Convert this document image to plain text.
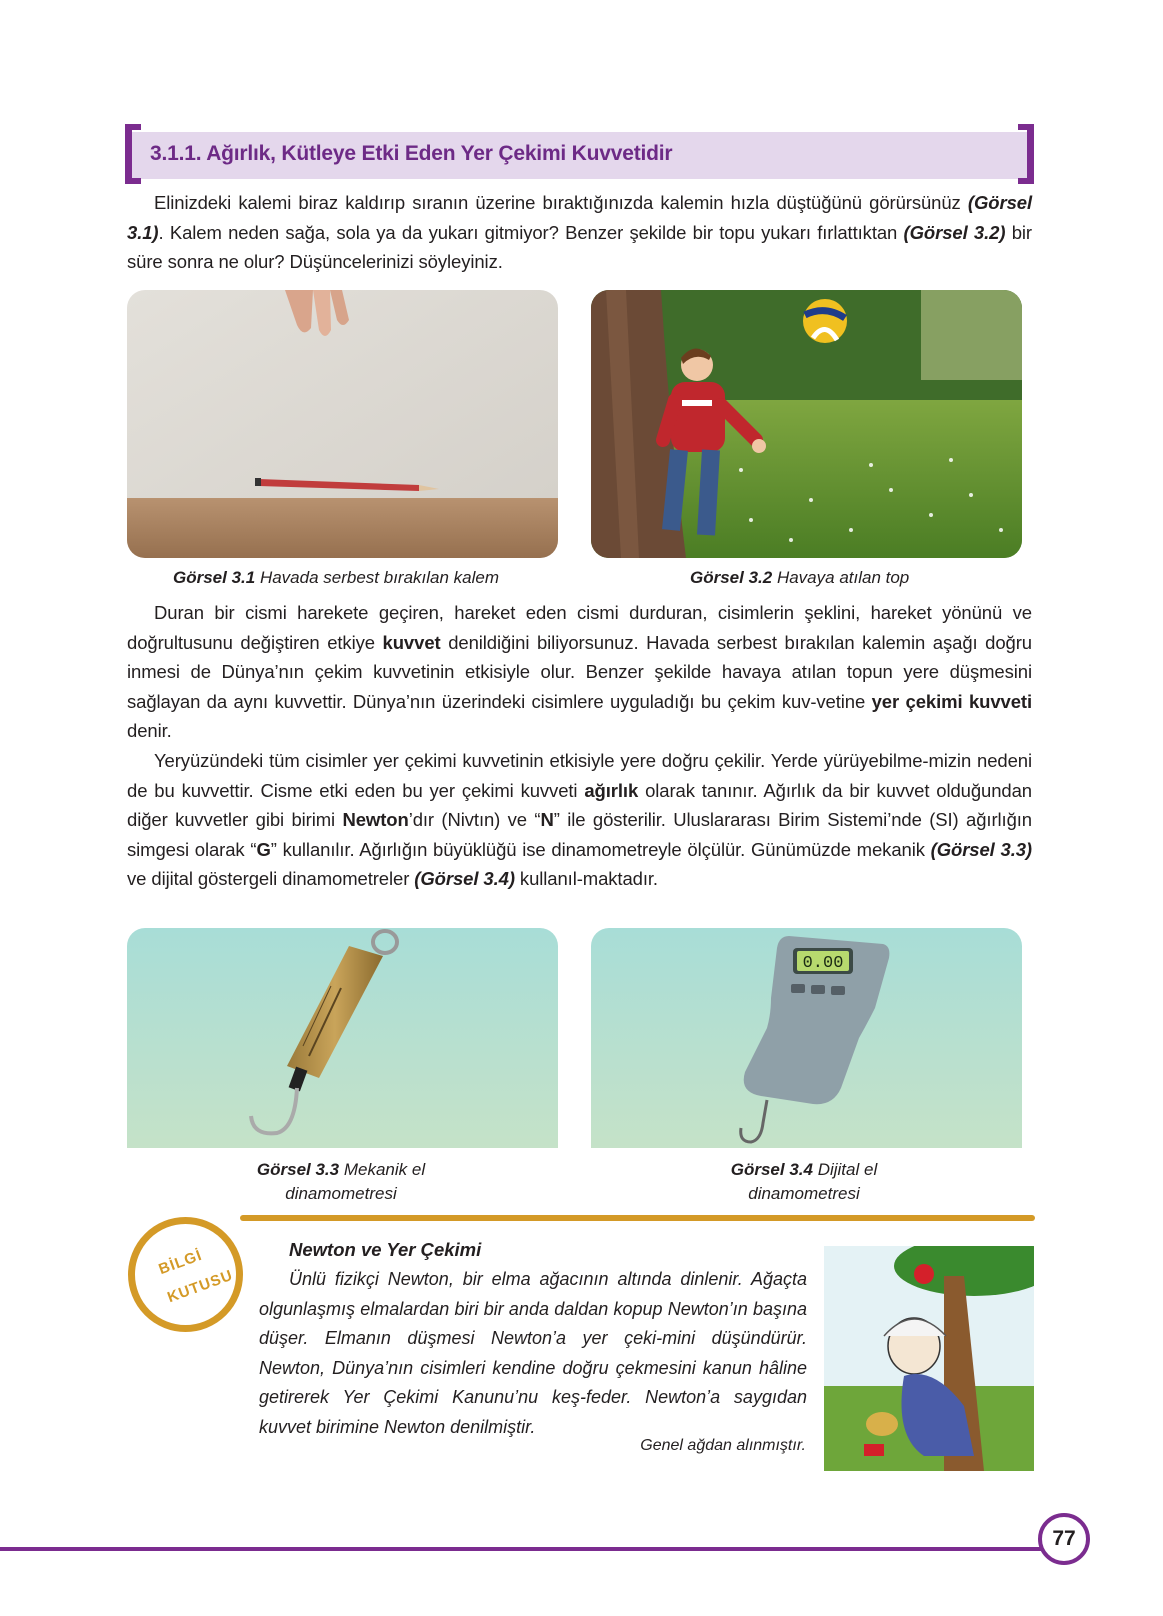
3.1.1. Ağırlık, Kütleye Etki Eden Yer Çekimi Kuvvetidir
Elinizdeki kalemi biraz kaldırıp sıranın üzerine bıraktığınızda kalemin hızla düştüğünü görürsünüz (Görsel 3.1). Kalem neden sağa, sola ya da yukarı gitmiyor? Benzer şekilde bir topu yukarı fırlattıktan (Görsel 3.2) bir süre sonra ne olur? Düşüncelerinizi söyleyiniz.
Görsel 3.1 Havada serbest bırakılan kalem	Görsel 3.2 Havaya atılan top
Duran bir cismi harekete geçiren, hareket eden cismi durduran, cisimlerin şeklini, hareket yönünü ve doğrultusunu değiştiren etkiye kuvvet denildiğini biliyorsunuz. Havada serbest bırakılan kalemin aşağı doğru inmesi de Dünya’nın çekim kuvvetinin etkisiyle olur. Benzer şekilde havaya atılan topun yere düşmesini sağlayan da aynı kuvvettir. Dünya’nın üzerindeki cisimlere uyguladığı bu çekim kuv-vetine yer çekimi kuvveti denir.
Yeryüzündeki tüm cisimler yer çekimi kuvvetinin etkisiyle yere doğru çekilir. Yerde yürüyebilme-mizin nedeni de bu kuvvettir. Cisme etki eden bu yer çekimi kuvveti ağırlık olarak tanınır. Ağırlık da bir kuvvet olduğundan diğer kuvvetler gibi birimi Newton’dır (Nivtın) ve “N” ile gösterilir. Uluslararası Birim Sistemi’nde (SI) ağırlığın simgesi olarak “G” kullanılır. Ağırlığın büyüklüğü ise dinamometreyle ölçülür. Günümüzde mekanik (Görsel 3.3) ve dijital göstergeli dinamometreler (Görsel 3.4) kullanıl-maktadır.
0.00
Görsel 3.3 Mekanik el
dinamometresi
Görsel 3.4 Dijital el
dinamometresi
BİLGİ
KUTUSU
Newton ve Yer Çekimi
Ünlü fizikçi Newton, bir elma ağacının altında dinlenir. Ağaçta olgunlaşmış elmalardan biri bir anda daldan kopup Newton’ın başına düşer. Elmanın düşmesi Newton’a yer çeki-mini düşündürür. Newton, Dünya’nın cisimleri kendine doğru çekmesini kanun hâline getirerek Yer Çekimi Kanunu’nu keş-feder. Newton’a saygıdan kuvvet birimine Newton denilmiştir.
Genel ağdan alınmıştır.
77
